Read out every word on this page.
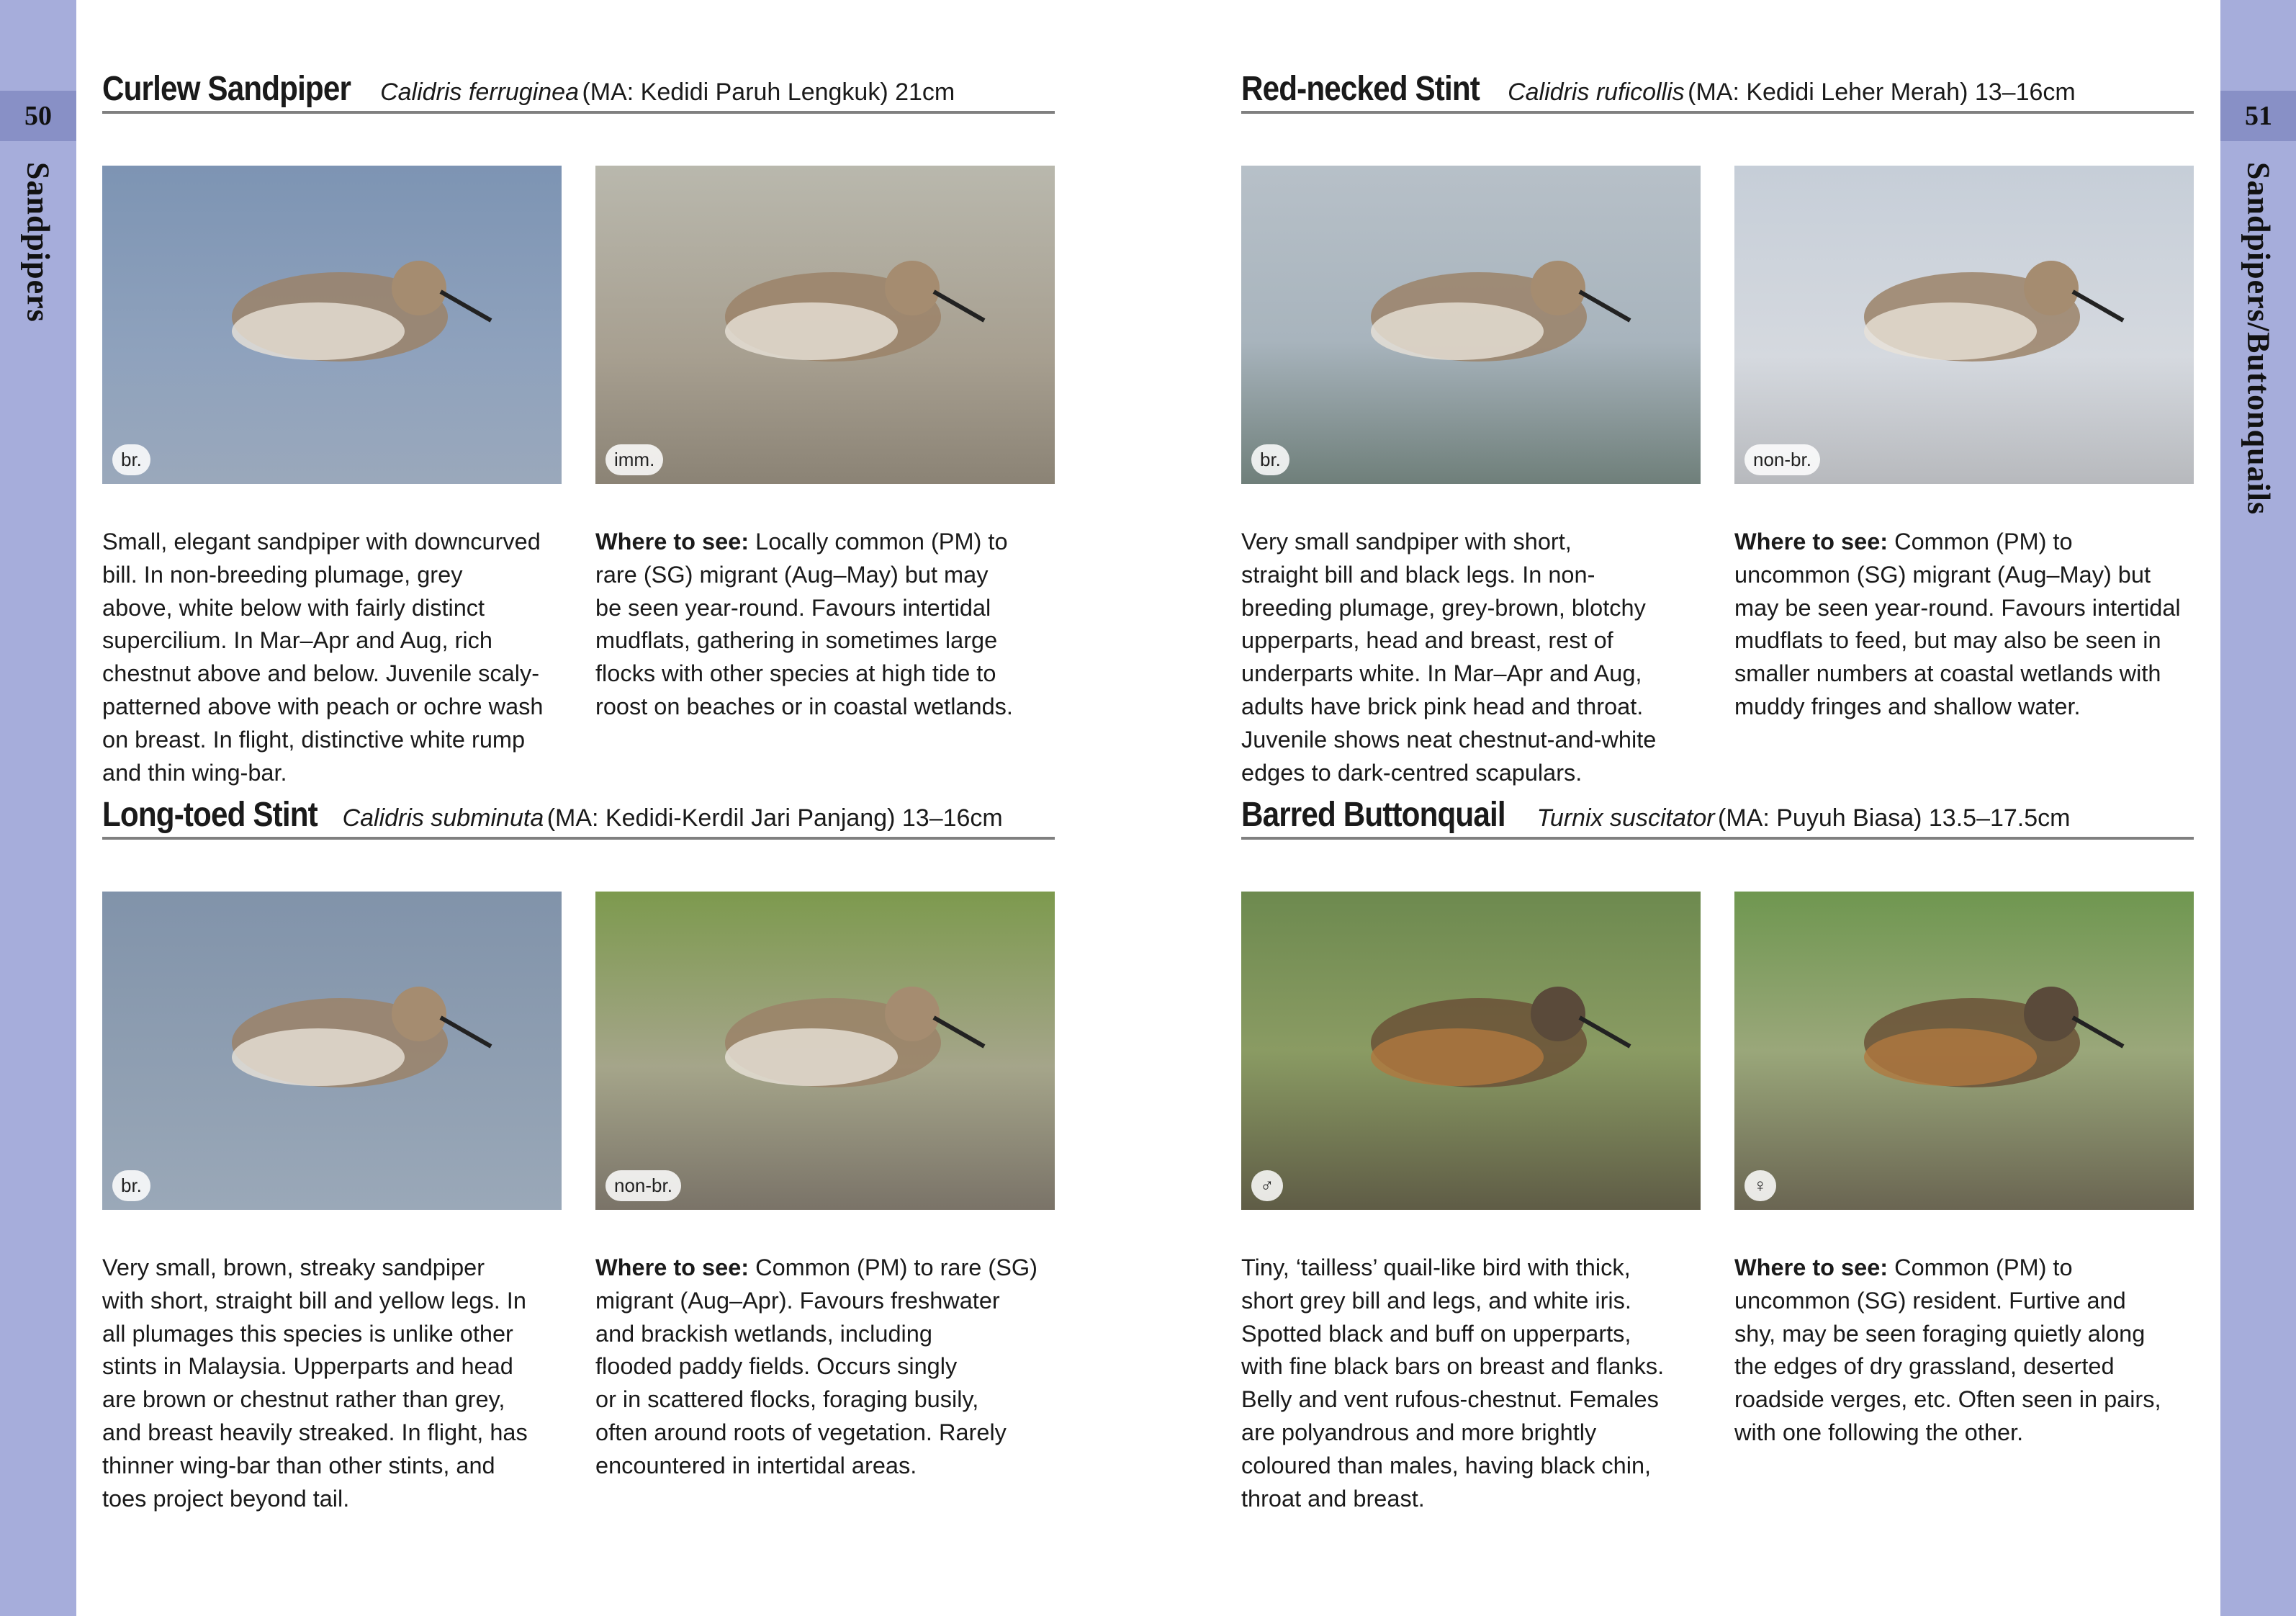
50
Sandpipers
51
Sandpipers/Buttonquails
Curlew Sandpiper Calidris ferruginea (MA: Kedidi Paruh Lengkuk) 21cm
br.	imm.
Small, elegant sandpiper with downcurved
bill. In non-breeding plumage, grey
above, white below with fairly distinct
supercilium. In Mar–Apr and Aug, rich
chestnut above and below. Juvenile scaly-
patterned above with peach or ochre wash
on breast. In flight, distinctive white rump
and thin wing-bar.
Where to see: Locally common (PM) to
rare (SG) migrant (Aug–May) but may
be seen year-round. Favours intertidal
mudflats, gathering in sometimes large
flocks with other species at high tide to
roost on beaches or in coastal wetlands.
Long-toed Stint Calidris subminuta (MA: Kedidi-Kerdil Jari Panjang) 13–16cm
br.	non-br.
Very small, brown, streaky sandpiper
with short, straight bill and yellow legs. In
all plumages this species is unlike other
stints in Malaysia. Upperparts and head
are brown or chestnut rather than grey,
and breast heavily streaked. In flight, has
thinner wing-bar than other stints, and
toes project beyond tail.
Where to see: Common (PM) to rare (SG)
migrant (Aug–Apr). Favours freshwater
and brackish wetlands, including
flooded paddy fields. Occurs singly
or in scattered flocks, foraging busily,
often around roots of vegetation. Rarely
encountered in intertidal areas.
Red-necked Stint Calidris ruficollis (MA: Kedidi Leher Merah) 13–16cm
br.	non-br.
Very small sandpiper with short,
straight bill and black legs. In non-
breeding plumage, grey-brown, blotchy
upperparts, head and breast, rest of
underparts white. In Mar–Apr and Aug,
adults have brick pink head and throat.
Juvenile shows neat chestnut-and-white
edges to dark-centred scapulars.
Where to see: Common (PM) to
uncommon (SG) migrant (Aug–May) but
may be seen year-round. Favours intertidal
mudflats to feed, but may also be seen in
smaller numbers at coastal wetlands with
muddy fringes and shallow water.
Barred Buttonquail Turnix suscitator (MA: Puyuh Biasa) 13.5–17.5cm
♂	♀
Tiny, ‘tailless’ quail-like bird with thick,
short grey bill and legs, and white iris.
Spotted black and buff on upperparts,
with fine black bars on breast and flanks.
Belly and vent rufous-chestnut. Females
are polyandrous and more brightly
coloured than males, having black chin,
throat and breast.
Where to see: Common (PM) to
uncommon (SG) resident. Furtive and
shy, may be seen foraging quietly along
the edges of dry grassland, deserted
roadside verges, etc. Often seen in pairs,
with one following the other.
